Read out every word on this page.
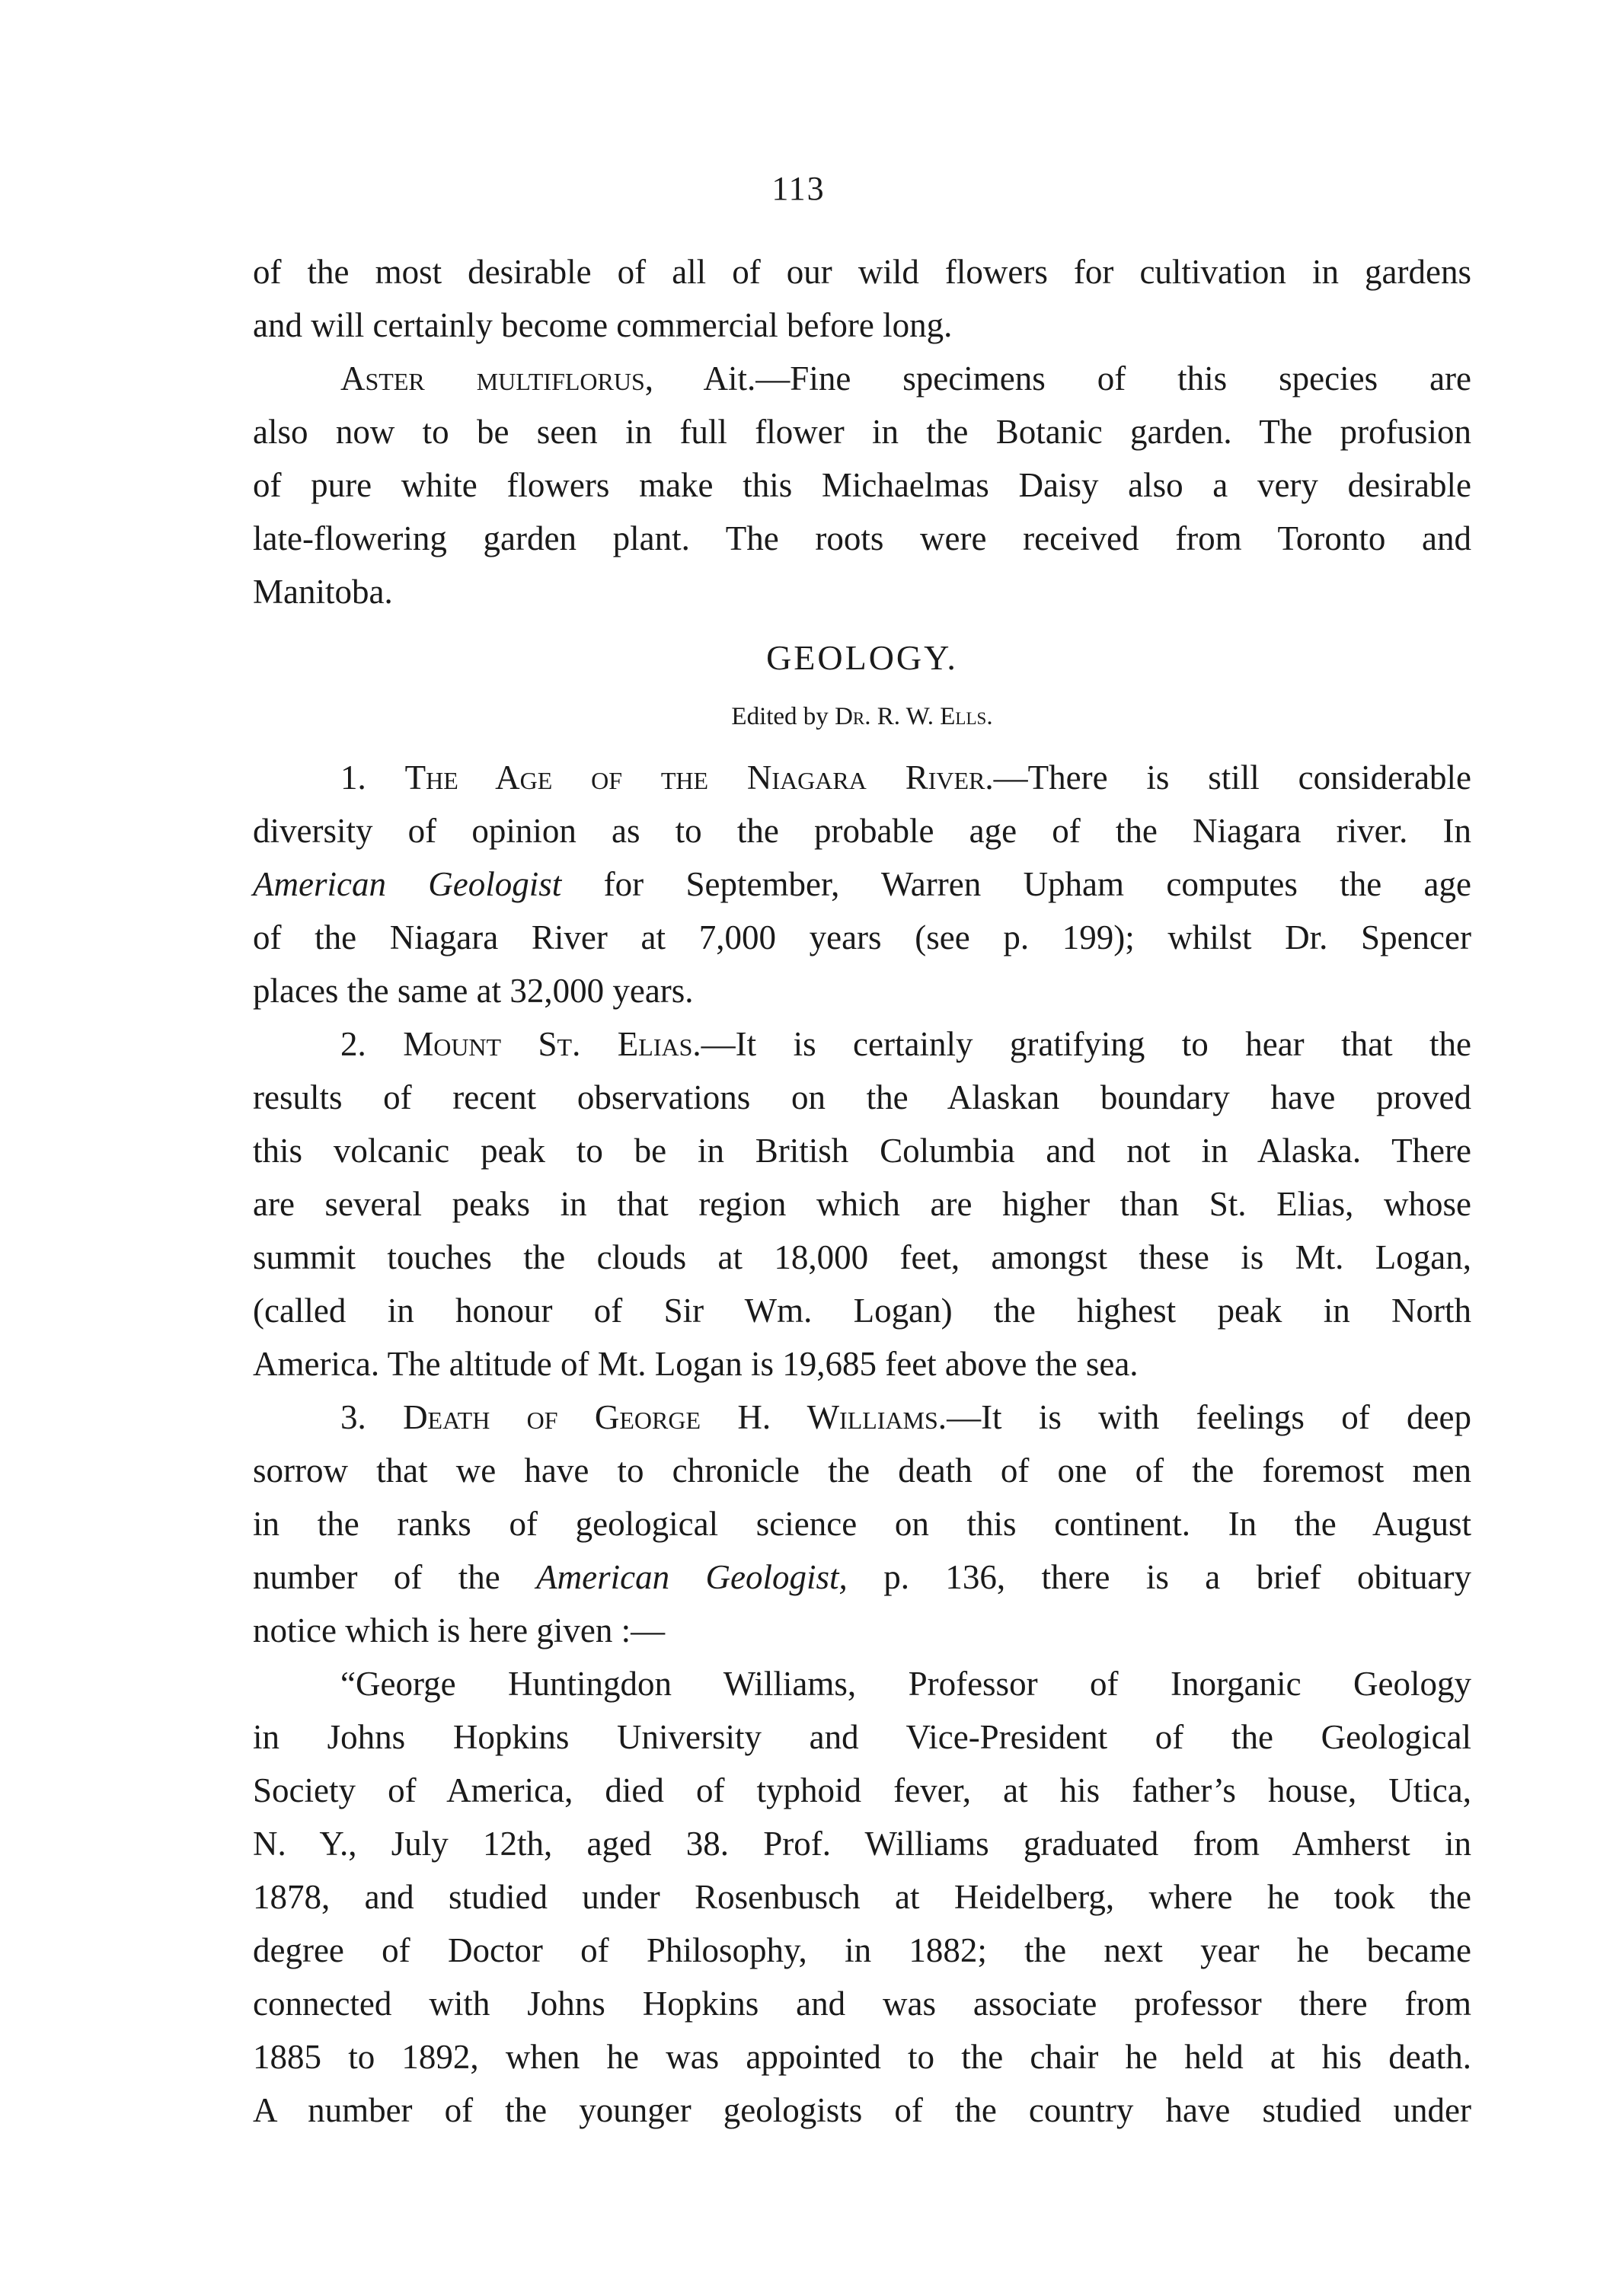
113
of the most desirable of all of our wild flowers for cultivation in gardens
and will certainly become commercial before long.
Aster multiflorus, Ait.—Fine specimens of this species are
also now to be seen in full flower in the Botanic garden. The profusion
of pure white flowers make this Michaelmas Daisy also a very desirable
late-flowering garden plant. The roots were received from Toronto and
Manitoba.
GEOLOGY.
Edited by Dr. R. W. Ells.
1. The Age of the Niagara River.—There is still considerable
diversity of opinion as to the probable age of the Niagara river. In
American Geologist for September, Warren Upham computes the age
of the Niagara River at 7,000 years (see p. 199); whilst Dr. Spencer
places the same at 32,000 years.
2. Mount St. Elias.—It is certainly gratifying to hear that the
results of recent observations on the Alaskan boundary have proved
this volcanic peak to be in British Columbia and not in Alaska. There
are several peaks in that region which are higher than St. Elias, whose
summit touches the clouds at 18,000 feet, amongst these is Mt. Logan,
(called in honour of Sir Wm. Logan) the highest peak in North
America. The altitude of Mt. Logan is 19,685 feet above the sea.
3. Death of George H. Williams.—It is with feelings of deep
sorrow that we have to chronicle the death of one of the foremost men
in the ranks of geological science on this continent. In the August
number of the American Geologist, p. 136, there is a brief obituary
notice which is here given :—
“George Huntingdon Williams, Professor of Inorganic Geology
in Johns Hopkins University and Vice-President of the Geological
Society of America, died of typhoid fever, at his father’s house, Utica,
N. Y., July 12th, aged 38. Prof. Williams graduated from Amherst in
1878, and studied under Rosenbusch at Heidelberg, where he took the
degree of Doctor of Philosophy, in 1882; the next year he became
connected with Johns Hopkins and was associate professor there from
1885 to 1892, when he was appointed to the chair he held at his death.
A number of the younger geologists of the country have studied under
